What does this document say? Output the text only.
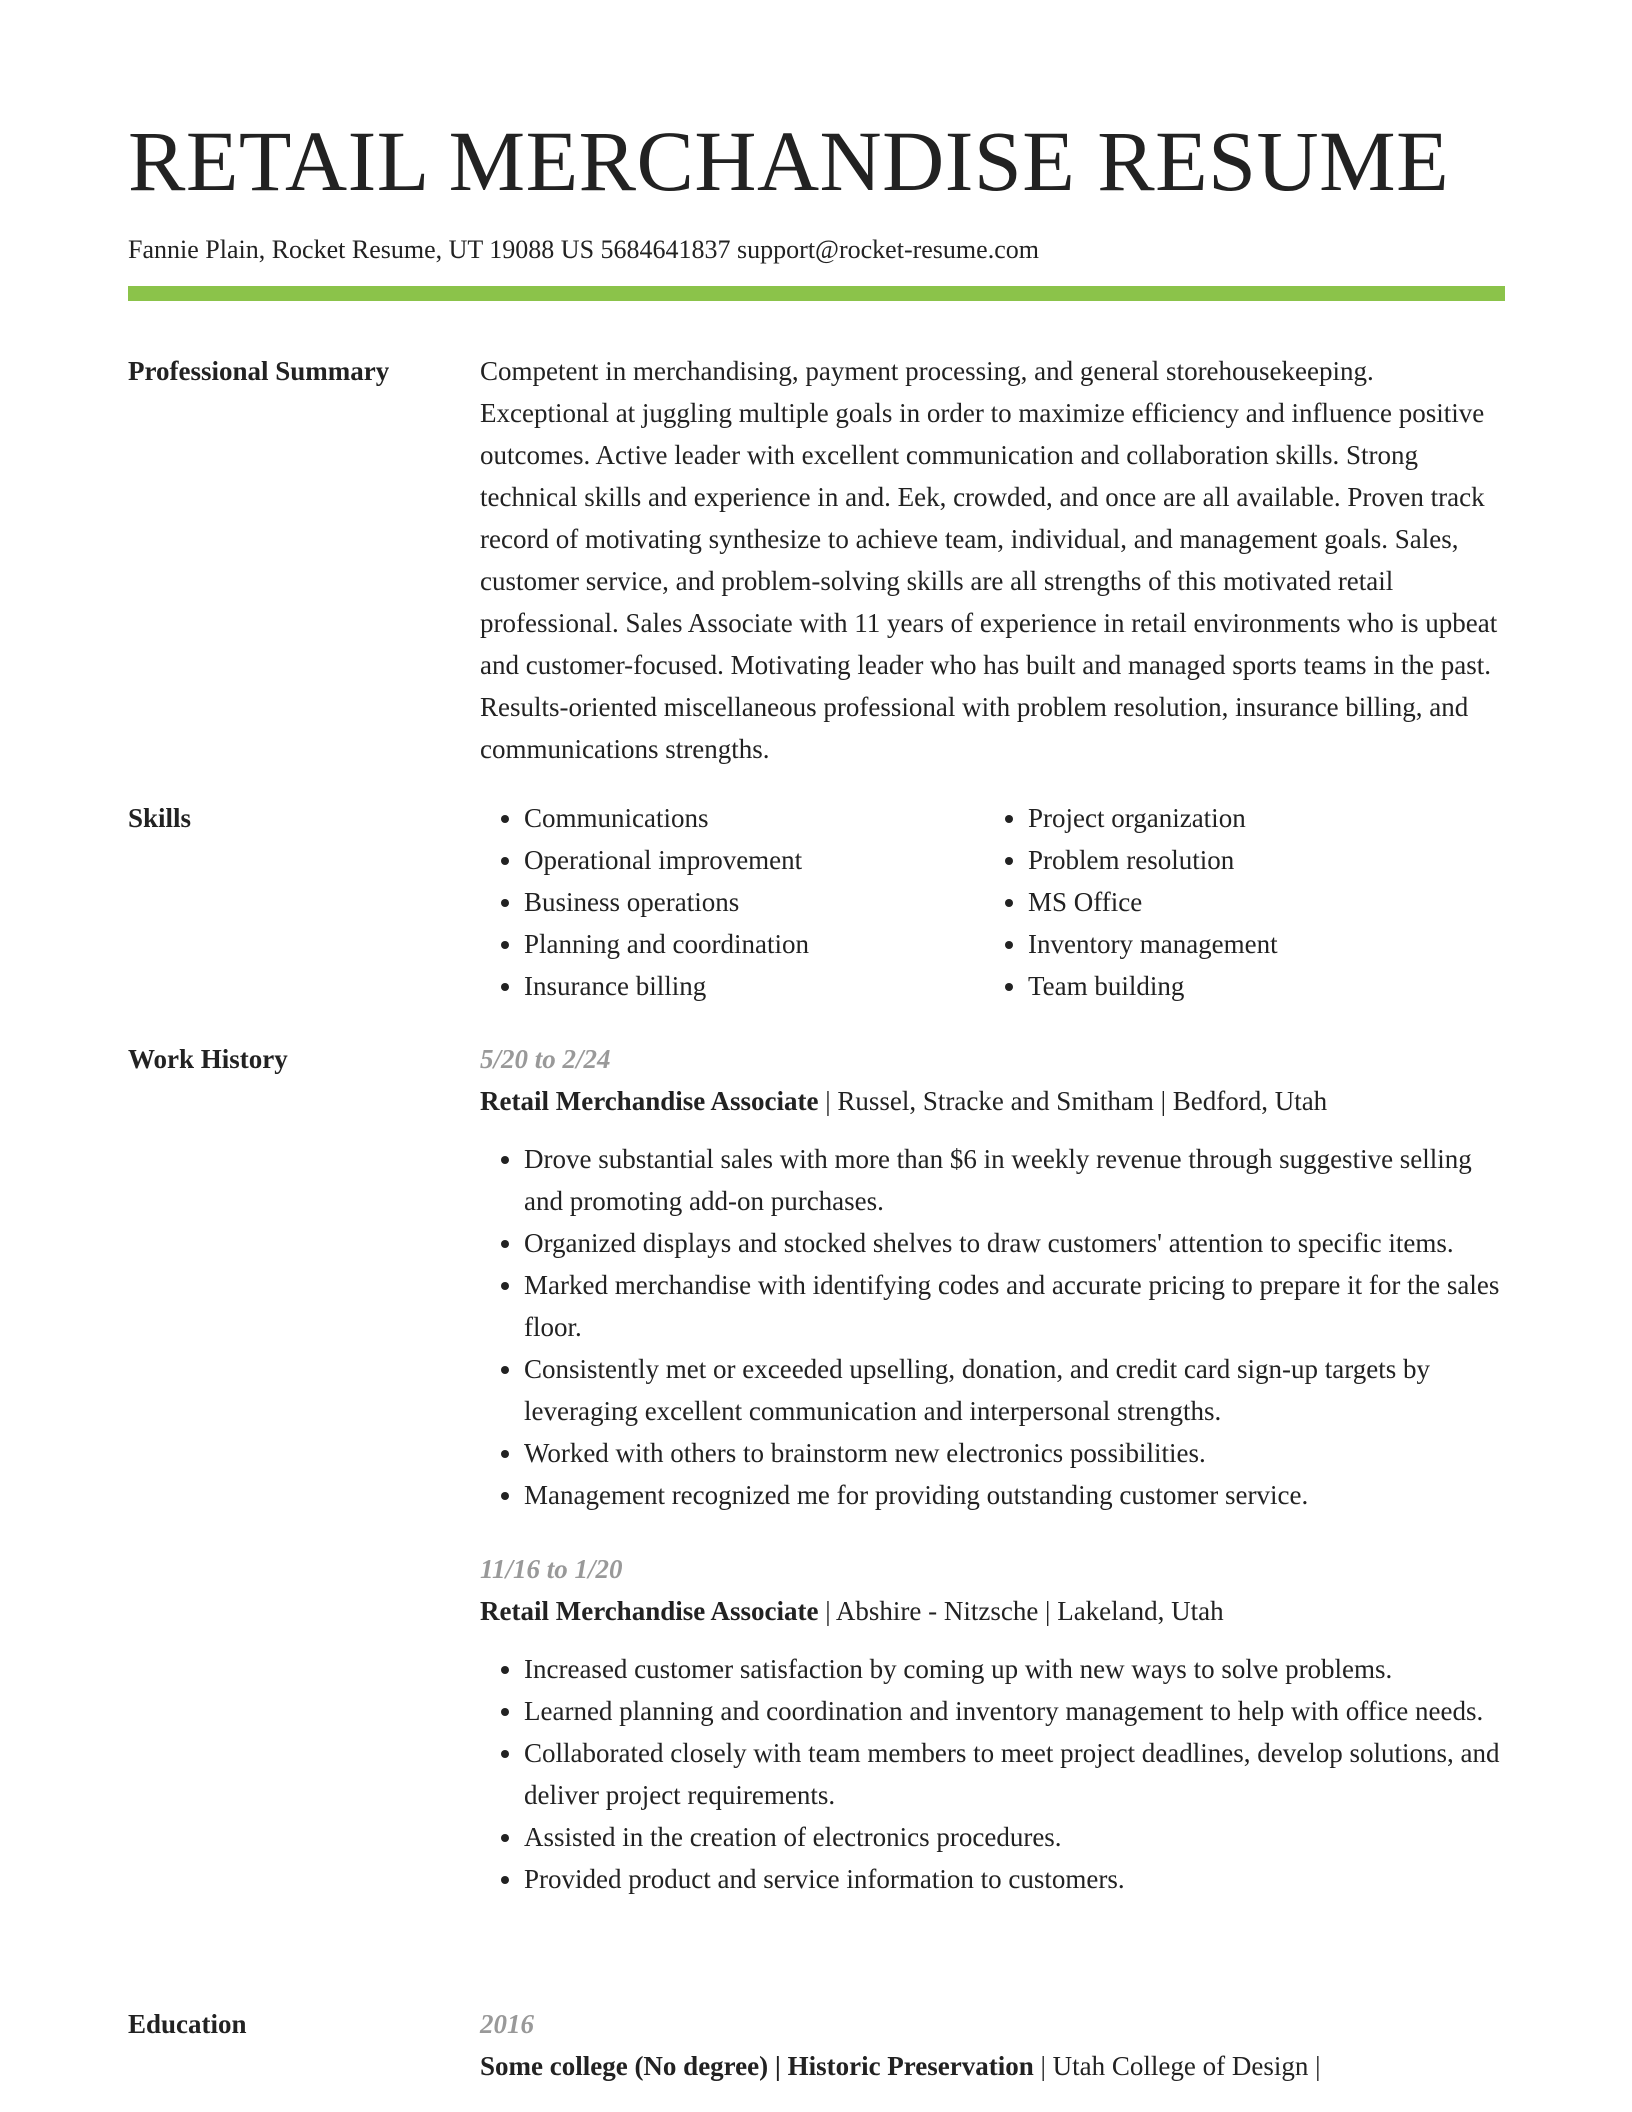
RETAIL MERCHANDISE RESUME
Fannie Plain, Rocket Resume, UT 19088 US 5684641837 support@rocket-resume.com
Professional Summary	Competent in merchandising, payment processing, and general storehousekeeping. Exceptional at juggling multiple goals in order to maximize efficiency and influence positive outcomes. Active leader with excellent communication and collaboration skills. Strong technical skills and experience in and. Eek, crowded, and once are all available. Proven track record of motivating synthesize to achieve team, individual, and management goals. Sales, customer service, and problem-solving skills are all strengths of this motivated retail professional. Sales Associate with 11 years of experience in retail environments who is upbeat and customer-focused. Motivating leader who has built and managed sports teams in the past. Results-oriented miscellaneous professional with problem resolution, insurance billing, and communications strengths.

Skills
•	Communications
• Operational improvement
• Business operations
• Planning and coordination
• Insurance billing
• Project organization
• Problem resolution
• MS Office
• Inventory management
• Team building
Work History	5/20 to 2/24
Retail Merchandise Associate | Russel, Stracke and Smitham | Bedford, Utah
• Drove substantial sales with more than $6 in weekly revenue through suggestive selling and promoting add-on purchases.
• Organized displays and stocked shelves to draw customers' attention to specific items.
• Marked merchandise with identifying codes and accurate pricing to prepare it for the sales floor.
• Consistently met or exceeded upselling, donation, and credit card sign-up targets by leveraging excellent communication and interpersonal strengths.
• Worked with others to brainstorm new electronics possibilities.
• Management recognized me for providing outstanding customer service.
11/16 to 1/20
Retail Merchandise Associate | Abshire - Nitzsche | Lakeland, Utah
• Increased customer satisfaction by coming up with new ways to solve problems.
• Learned planning and coordination and inventory management to help with office needs.
• Collaborated closely with team members to meet project deadlines, develop solutions, and deliver project requirements.
• Assisted in the creation of electronics procedures.
• Provided product and service information to customers.
Education	2016
Some college (No degree) | Historic Preservation | Utah College of Design |
